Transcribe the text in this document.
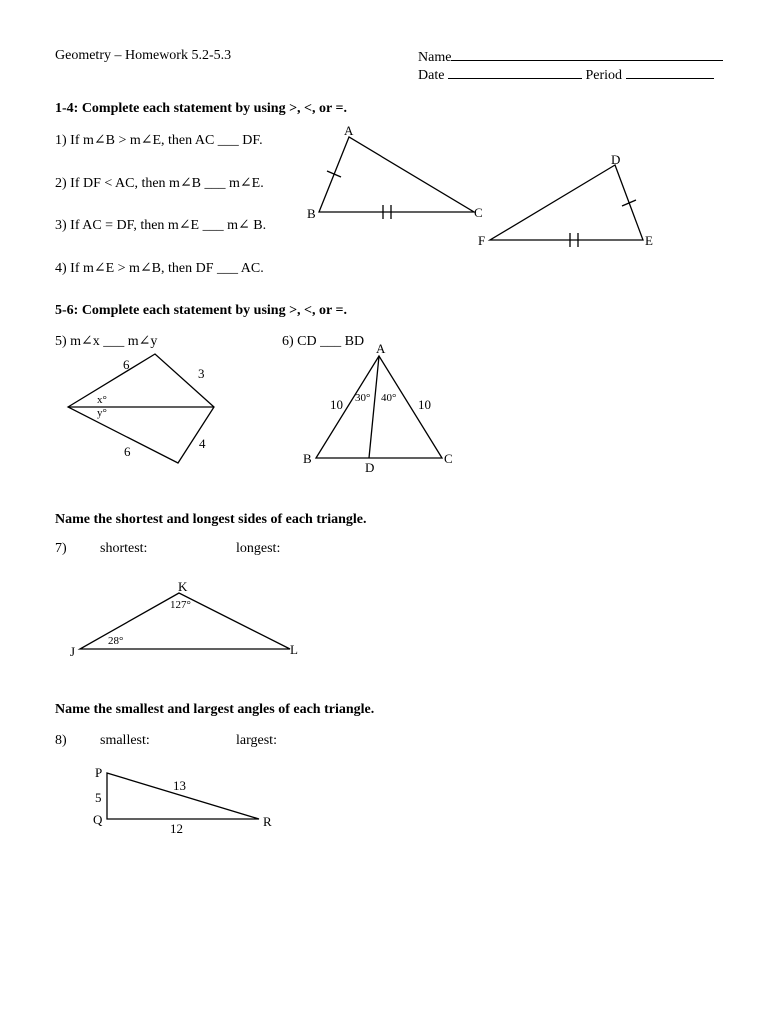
Geometry – Homework 5.2-5.3	Name
Date	Period
1-4: Complete each statement by using >, <, or =.
1) If m∠B > m∠E, then AC ___ DF.
2) If DF < AC, then m∠B ___ m∠E.
3) If AC = DF, then m∠E ___ m∠ B.
4) If m∠E > m∠B, then DF ___ AC.
A
B	C
D
E
F
5-6: Complete each statement by using >, <, or =.
5) m∠x ___ m∠y	6) CD ___ BD
6
3
x°
y°
6
4
A
B	C
D
10	10
30° 40°
Name the shortest and longest sides of each triangle.
7) shortest:	longest:
K
J	L
127°
28°
Name the smallest and largest angles of each triangle.
8) smallest:	largest:
P
Q	R
5
13
12
